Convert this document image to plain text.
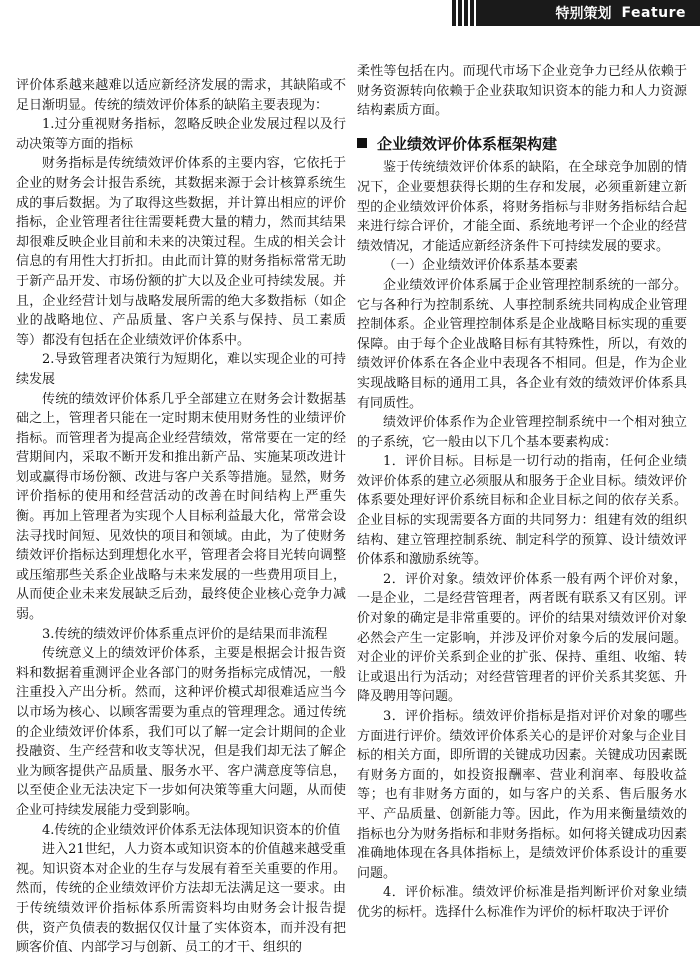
特别策划 Feature

评价体系越来越难以适应新经济发展的需求，其缺陷或不足日渐明显。传统的绩效评价体系的缺陷主要表现为：

1.过分重视财务指标，忽略反映企业发展过程以及行动决策等方面的指标

财务指标是传统绩效评价体系的主要内容，它依托于企业的财务会计报告系统，其数据来源于会计核算系统生成的事后数据。为了取得这些数据，并计算出相应的评价指标，企业管理者往往需要耗费大量的精力，然而其结果却很难反映企业目前和未来的决策过程。生成的相关会计信息的有用性大打折扣。由此而计算的财务指标常常无助于新产品开发、市场份额的扩大以及企业可持续发展。并且，企业经营计划与战略发展所需的绝大多数指标（如企业的战略地位、产品质量、客户关系与保持、员工素质等）都没有包括在企业绩效评价体系中。

2.导致管理者决策行为短期化，难以实现企业的可持续发展

传统的绩效评价体系几乎全部建立在财务会计数据基础之上，管理者只能在一定时期末使用财务性的业绩评价指标。而管理者为提高企业经营绩效，常常要在一定的经营期间内，采取不断开发和推出新产品、实施某项改进计划或赢得市场份额、改进与客户关系等措施。显然，财务评价指标的使用和经营活动的改善在时间结构上严重失衡。再加上管理者为实现个人目标利益最大化，常常会设法寻找时间短、见效快的项目和领域。由此，为了使财务绩效评价指标达到理想化水平，管理者会将目光转向调整或压缩那些关系企业战略与未来发展的一些费用项目上，从而使企业未来发展缺乏后劲，最终使企业核心竞争力减弱。

3.传统的绩效评价体系重点评价的是结果而非流程

传统意义上的绩效评价体系，主要是根据会计报告资料和数据着重测评企业各部门的财务指标完成情况，一般注重投入产出分析。然而，这种评价模式却很难适应当今以市场为核心、以顾客需要为重点的管理理念。通过传统的企业绩效评价体系，我们可以了解一定会计期间的企业投融资、生产经营和收支等状况，但是我们却无法了解企业为顾客提供产品质量、服务水平、客户满意度等信息，以至使企业无法决定下一步如何决策等重大问题，从而使企业可持续发展能力受到影响。

4.传统的企业绩效评价体系无法体现知识资本的价值

进入21世纪，人力资本或知识资本的价值越来越受重视。知识资本对企业的生存与发展有着至关重要的作用。然而，传统的企业绩效评价方法却无法满足这一要求。由于传统绩效评价指标体系所需资料均由财务会计报告提供，资产负债表的数据仅仅计量了实体资本，而并没有把顾客价值、内部学习与创新、员工的才干、组织的

柔性等包括在内。而现代市场下企业竞争力已经从依赖于财务资源转向依赖于企业获取知识资本的能力和人力资源结构素质方面。

企业绩效评价体系框架构建

鉴于传统绩效评价体系的缺陷，在全球竞争加剧的情况下，企业要想获得长期的生存和发展，必须重新建立新型的企业绩效评价体系，将财务指标与非财务指标结合起来进行综合评价，才能全面、系统地考评一个企业的经营绩效情况，才能适应新经济条件下可持续发展的要求。

（一）企业绩效评价体系基本要素

企业绩效评价体系属于企业管理控制系统的一部分。它与各种行为控制系统、人事控制系统共同构成企业管理控制体系。企业管理控制体系是企业战略目标实现的重要保障。由于每个企业战略目标有其特殊性，所以，有效的绩效评价体系在各企业中表现各不相同。但是，作为企业实现战略目标的通用工具，各企业有效的绩效评价体系具有同质性。

绩效评价体系作为企业管理控制系统中一个相对独立的子系统，它一般由以下几个基本要素构成：

1．评价目标。目标是一切行动的指南，任何企业绩效评价体系的建立必须服从和服务于企业目标。绩效评价体系要处理好评价系统目标和企业目标之间的依存关系。企业目标的实现需要各方面的共同努力：组建有效的组织结构、建立管理控制系统、制定科学的预算、设计绩效评价体系和激励系统等。

2．评价对象。绩效评价体系一般有两个评价对象，一是企业，二是经营管理者，两者既有联系又有区别。评价对象的确定是非常重要的。评价的结果对绩效评价对象必然会产生一定影响，并涉及评价对象今后的发展问题。对企业的评价关系到企业的扩张、保持、重组、收缩、转让或退出行为活动；对经营管理者的评价关系其奖惩、升降及聘用等问题。

3．评价指标。绩效评价指标是指对评价对象的哪些方面进行评价。绩效评价体系关心的是评价对象与企业目标的相关方面，即所谓的关键成功因素。关键成功因素既有财务方面的，如投资报酬率、营业利润率、每股收益等；也有非财务方面的，如与客户的关系、售后服务水平、产品质量、创新能力等。因此，作为用来衡量绩效的指标也分为财务指标和非财务指标。如何将关键成功因素准确地体现在各具体指标上，是绩效评价体系设计的重要问题。

4．评价标准。绩效评价标准是指判断评价对象业绩优劣的标杆。选择什么标准作为评价的标杆取决于评价
